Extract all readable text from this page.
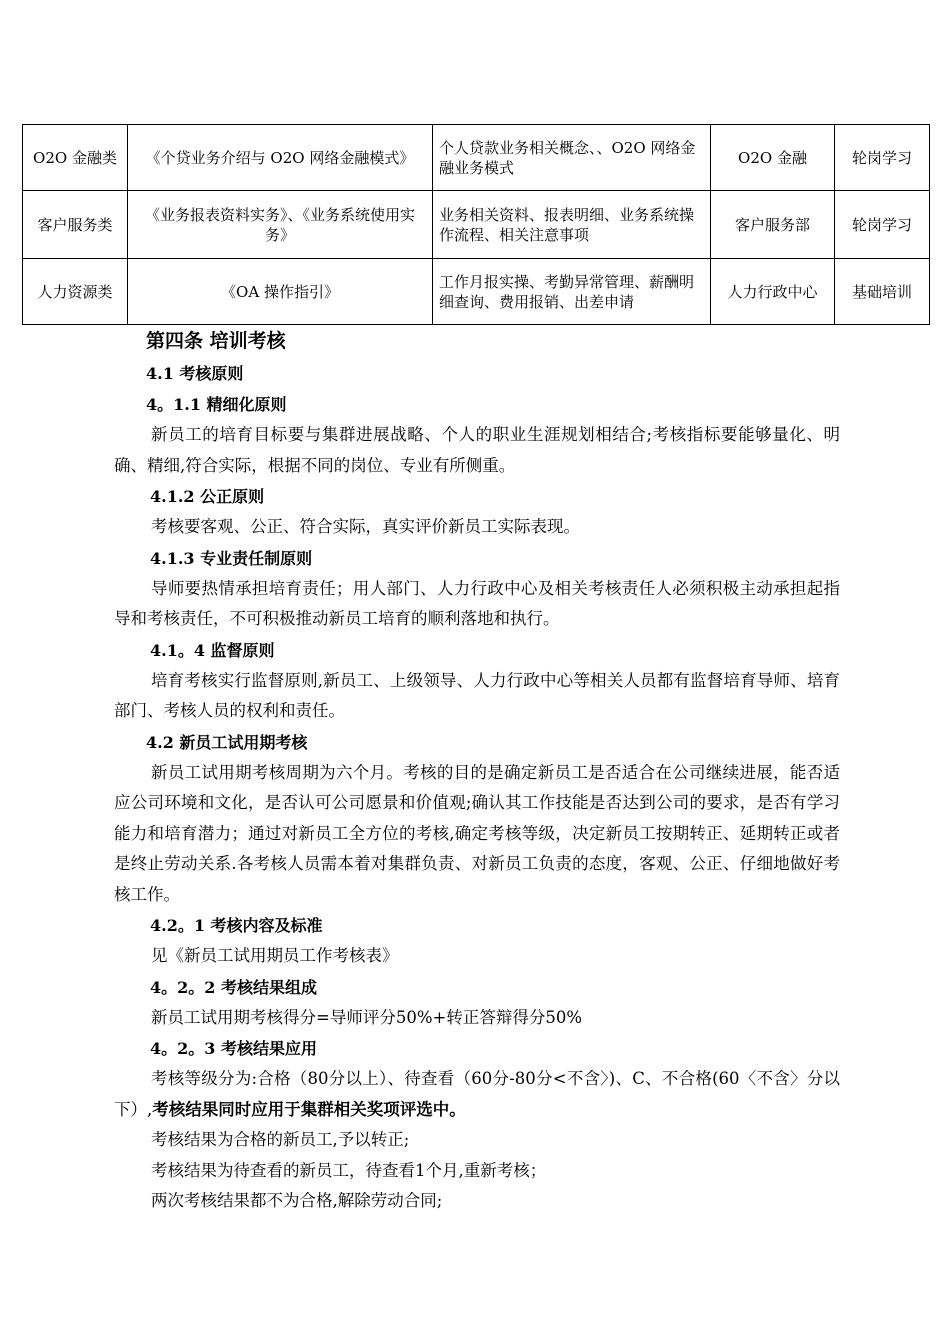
O2O 金融类	《个贷业务介绍与 O2O 网络金融模式》	个人贷款业务相关概念、、O2O 网络金融业务模式	O2O 金融	轮岗学习
客户服务类	《业务报表资料实务》、《业务系统使用实务》	业务相关资料、报表明细、业务系统操作流程、相关注意事项	客户服务部	轮岗学习
人力资源类	《OA 操作指引》	工作月报实操、考勤异常管理、薪酬明细查询、费用报销、出差申请	人力行政中心	基础培训
第四条 培训考核
4.1 考核原则
4。1.1 精细化原则

新员工的培育目标要与集群进展战略、个人的职业生涯规划相结合;考核指标要能够量化、明确、精细,符合实际，根据不同的岗位、专业有所侧重。

4.1.2 公正原则

考核要客观、公正、符合实际，真实评价新员工实际表现。

4.1.3 专业责任制原则

导师要热情承担培育责任；用人部门、人力行政中心及相关考核责任人必须积极主动承担起指导和考核责任，不可积极推动新员工培育的顺利落地和执行。

4.1。4 监督原则

培育考核实行监督原则,新员工、上级领导、人力行政中心等相关人员都有监督培育导师、培育部门、考核人员的权利和责任。

4.2 新员工试用期考核

新员工试用期考核周期为六个月。考核的目的是确定新员工是否适合在公司继续进展，能否适应公司环境和文化，是否认可公司愿景和价值观;确认其工作技能是否达到公司的要求，是否有学习能力和培育潜力；通过对新员工全方位的考核,确定考核等级，决定新员工按期转正、延期转正或者是终止劳动关系.各考核人员需本着对集群负责、对新员工负责的态度，客观、公正、仔细地做好考核工作。

4.2。1 考核内容及标准

见《新员工试用期员工作考核表》

4。2。2 考核结果组成

新员工试用期考核得分=导师评分50%+转正答辩得分50%

4。2。3 考核结果应用

考核等级分为:合格（80分以上）、待查看（60分-80分<不含〉)、C、不合格(60〈不含〉分以下）,考核结果同时应用于集群相关奖项评选中。

考核结果为合格的新员工,予以转正;

考核结果为待查看的新员工，待查看1个月,重新考核；

两次考核结果都不为合格,解除劳动合同;
